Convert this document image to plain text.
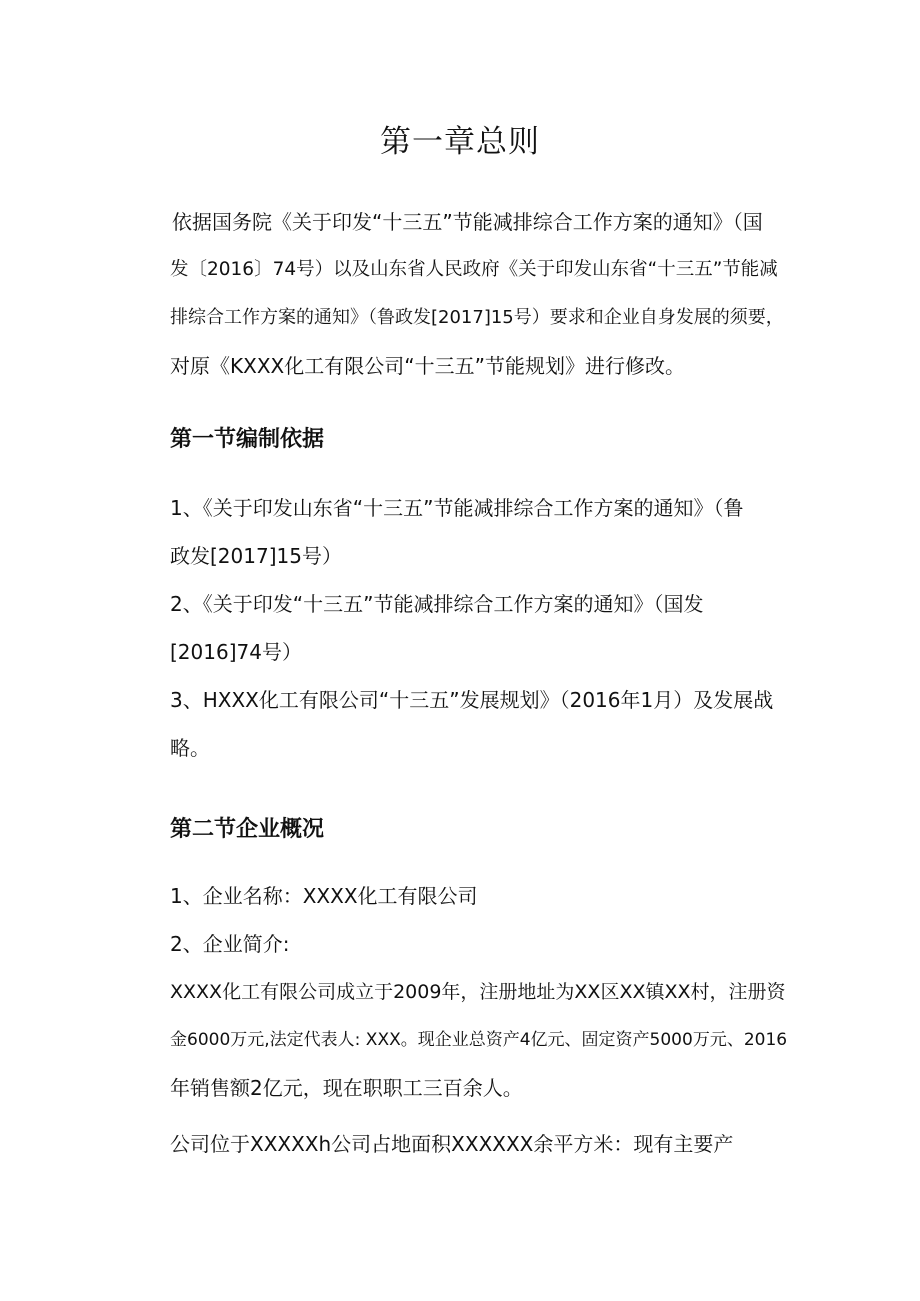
第一章总则
依据国务院《关于印发“十三五”节能减排综合工作方案的通知》（国
发〔2016〕74号）以及山东省人民政府《关于印发山东省“十三五”节能减
排综合工作方案的通知》（鲁政发[2017]15号）要求和企业自身发展的须要，
对原《KXXX化工有限公司“十三五”节能规划》进行修改。
第一节编制依据
1、《关于印发山东省“十三五”节能减排综合工作方案的通知》（鲁
政发[2017]15号）
2、《关于印发“十三五”节能减排综合工作方案的通知》（国发
[2016]74号）
3、HXXX化工有限公司“十三五”发展规划》（2016年1月）及发展战
略。
第二节企业概况
1、企业名称：XXXX化工有限公司
2、企业简介:
XXXX化工有限公司成立于2009年，注册地址为XX区XX镇XX村，注册资
金6000万元,法定代表人: XXX。现企业总资产4亿元、固定资产5000万元、2016
年销售额2亿元，现在职职工三百余人。
公司位于XXXXXh公司占地面积XXXXXX余平方米：现有主要产
